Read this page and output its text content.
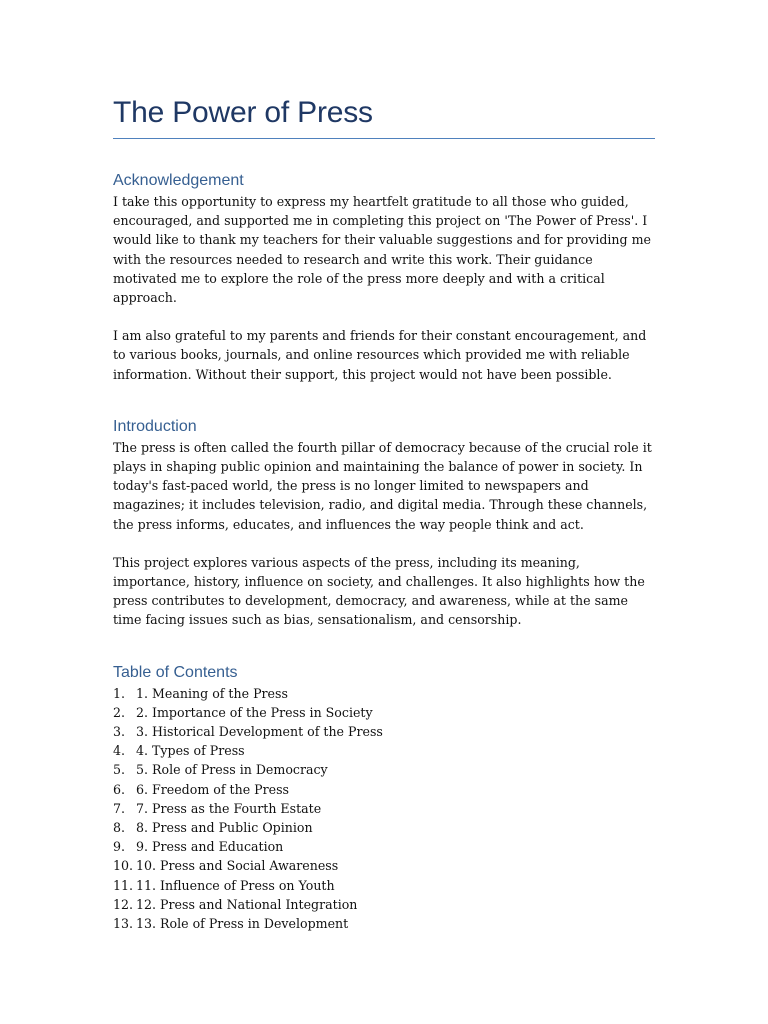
The Power of Press
Acknowledgement

I take this opportunity to express my heartfelt gratitude to all those who guided, encouraged, and supported me in completing this project on 'The Power of Press'. I would like to thank my teachers for their valuable suggestions and for providing me with the resources needed to research and write this work. Their guidance motivated me to explore the role of the press more deeply and with a critical approach.

I am also grateful to my parents and friends for their constant encouragement, and to various books, journals, and online resources which provided me with reliable information. Without their support, this project would not have been possible.

Introduction

The press is often called the fourth pillar of democracy because of the crucial role it plays in shaping public opinion and maintaining the balance of power in society. In today's fast-paced world, the press is no longer limited to newspapers and magazines; it includes television, radio, and digital media. Through these channels, the press informs, educates, and influences the way people think and act.

This project explores various aspects of the press, including its meaning, importance, history, influence on society, and challenges. It also highlights how the press contributes to development, democracy, and awareness, while at the same time facing issues such as bias, sensationalism, and censorship.

Table of Contents
1. 1. Meaning of the Press
2. 2. Importance of the Press in Society
3. 3. Historical Development of the Press
4. 4. Types of Press
5. 5. Role of Press in Democracy
6. 6. Freedom of the Press
7. 7. Press as the Fourth Estate
8. 8. Press and Public Opinion
9. 9. Press and Education
10. 10. Press and Social Awareness
11. 11. Influence of Press on Youth
12. 12. Press and National Integration
13. 13. Role of Press in Development
